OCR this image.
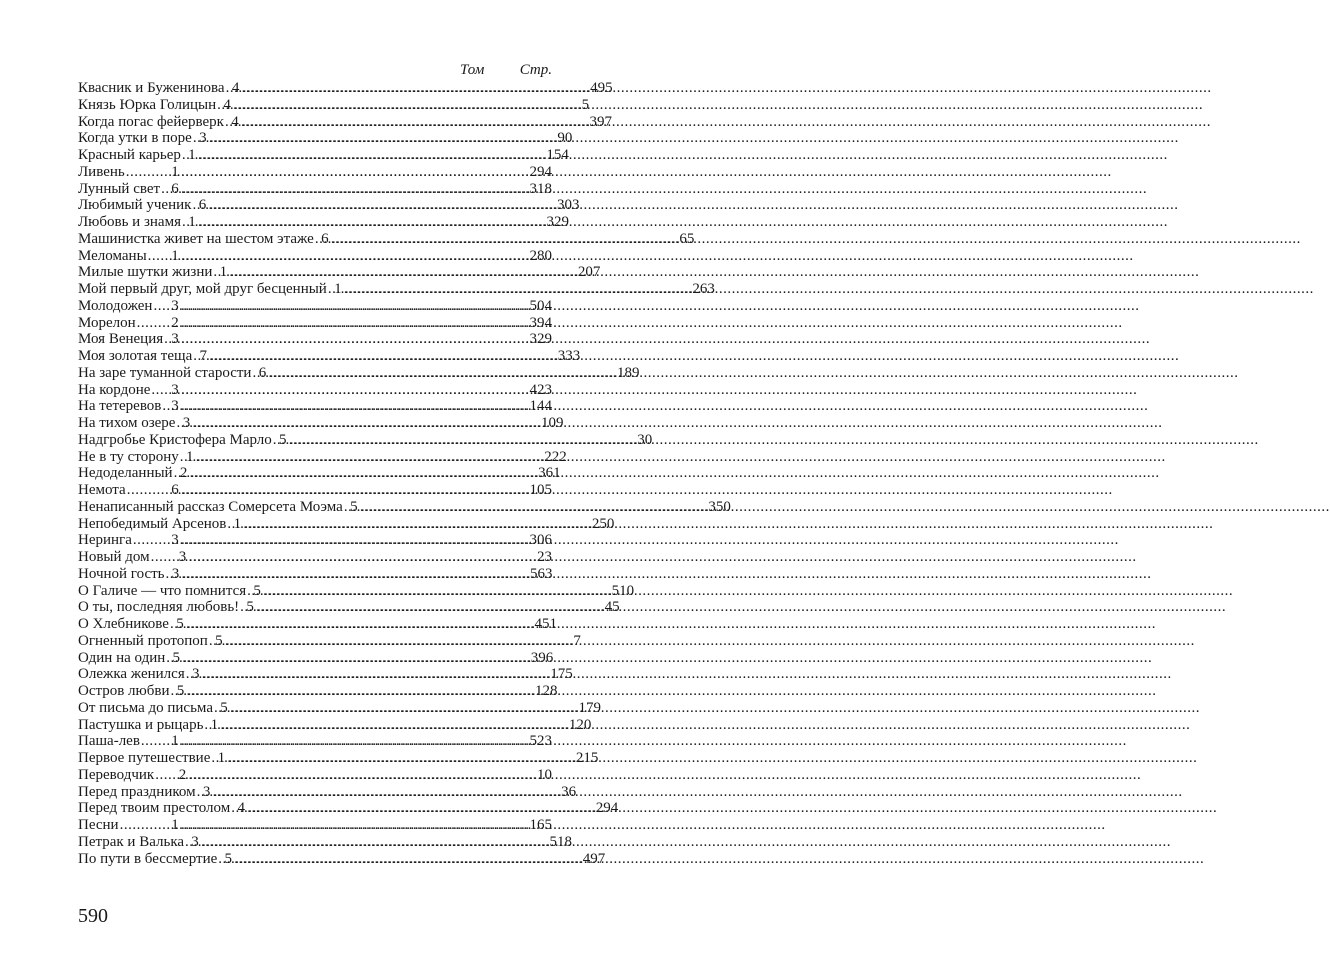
Том Стр.
Квасник и Буженинова ..... 4 .....	495
Князь Юрка Голицын ..... 4 .....	5
Когда погас фейерверк ..... 4 .....	397
Когда утки в поре ..... 3 .....	90
Красный карьер ..... 1 .....	154
Ливень .....	1 .....	294
Лунный свет ..... 6 .....	318
Любимый ученик ..... 6 .....	303
Любовь и знамя ..... 1 .....	329
Машинистка живет на шестом этаже ..... 6 .....	65
Меломаны ..... 1 .....	280
Милые шутки жизни ..... 1 .....	207
Мой первый друг, мой друг бесценный ..... 1 .....	263
Молодожен ..... 3 .....	504
Морелон ..... 2 .....	394
Моя Венеция ..... 3 .....	329
Моя золотая теща ..... 7 .....	333
На заре туманной старости ..... 6 .....	189
На кордоне ..... 3 .....	423
На тетеревов ..... 3 .....	144
На тихом озере ..... 3 .....	109
Надгробье Кристофера Марло ..... 5 .....	30
Не в ту сторону ..... 1 .....	222
Недоделанный ..... 2 .....	361
Немота .....	6 .....	105
Ненаписанный рассказ Сомерсета Моэма ..... 5 .....	350
Непобедимый Арсенов ..... 1 .....	250
Неринга .....	3 .....	306
Новый дом ..... 3 .....	23
Ночной гость ..... 3 .....	563
О Галиче — что помнится ..... 5 .....	510
О ты, последняя любовь! ..... 5 .....	45
О Хлебникове ..... 5 .....	451
Огненный протопоп ..... 5 .....	7
Один на один ..... 5 .....	396
Олежка женился ..... 3 .....	175
Остров любви ..... 5 .....	128
От письма до письма ..... 5 .....	179
Пастушка и рыцарь ..... 1 .....	120
Паша-лев ..... 1 .....	523
Первое путешествие ..... 1 .....	215
Переводчик ..... 2 .....	10
Перед праздником ..... 3 .....	36
Перед твоим престолом ..... 4 .....	294
Песни .....	1 .....	165
Петрак и Валька ..... 3 .....	518
По пути в бессмертие ..... 5 .....	497
590
